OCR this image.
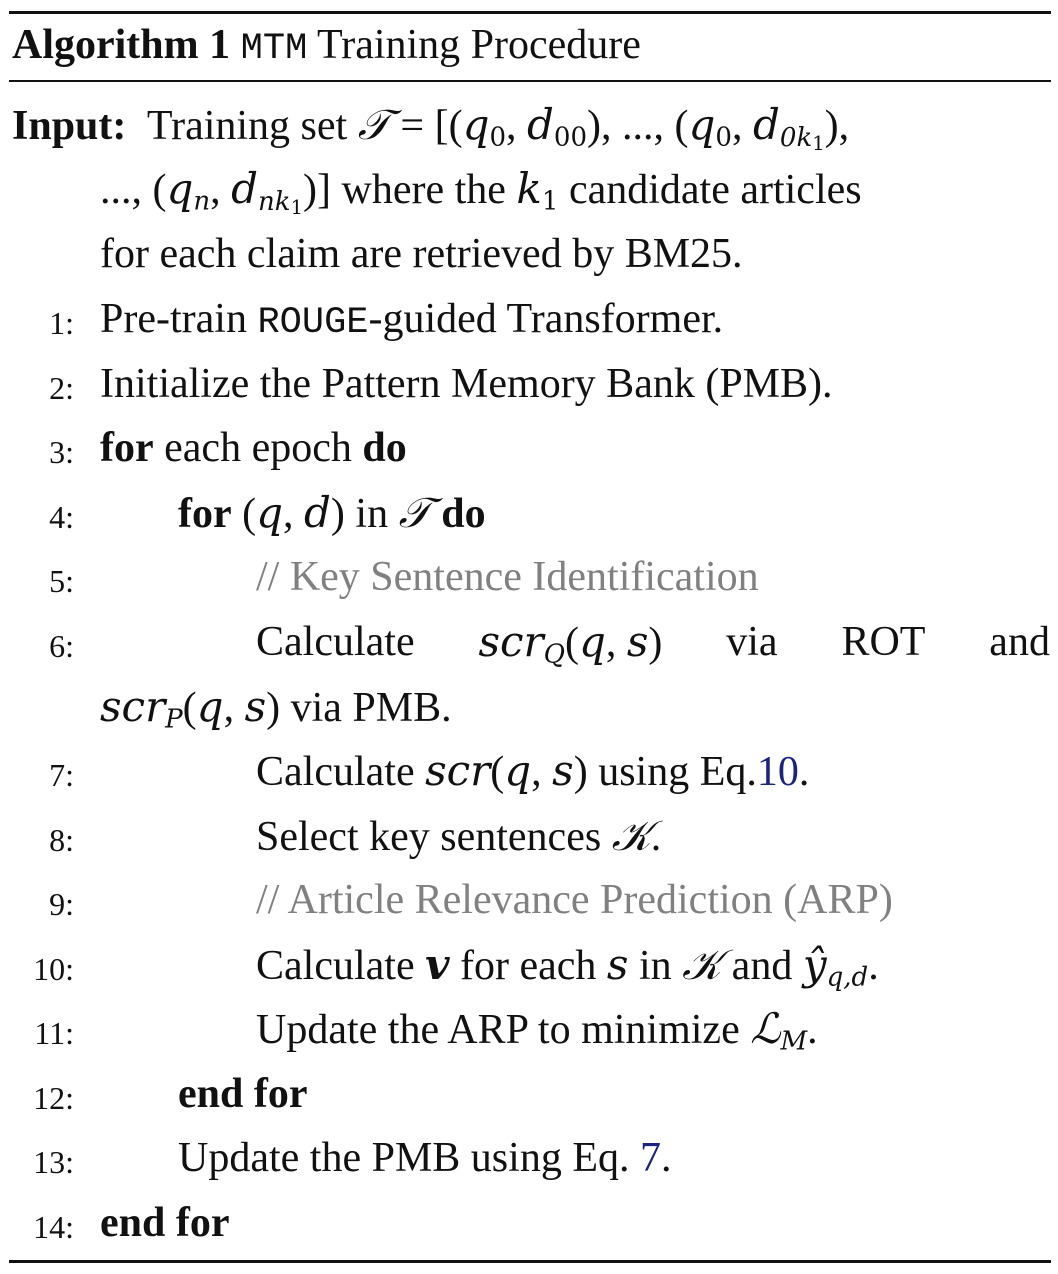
Algorithm 1 MTM Training Procedure
Input: Training set 𝒯 = [($q_0$, $d_{00}$), ..., ($q_0$, $d_{0k1}$),
..., ($q_n$, $d_{nk1}$)] where the $k_1$ candidate articles
for each claim are retrieved by BM25.
1: Pre-train ROUGE-guided Transformer.
2: Initialize the Pattern Memory Bank (PMB).
3: for each epoch do
4: for (q, d) in 𝒯 do
5:	// Key Sentence Identification
6:	Calculate scr$_Q$(q, s) via ROT and
scr$_P$(q, s) via PMB.
7:	Calculate scr(q, s) using Eq.10.
8:	Select key sentences 𝒦.
9:	// Article Relevance Prediction (ARP)
10:	Calculate v for each s in 𝒦 and $ŷ_{q,d}$.
11:	Update the ARP to minimize ℒ$_M$.
12: end for
13: Update the PMB using Eq. 7.
14: end for
